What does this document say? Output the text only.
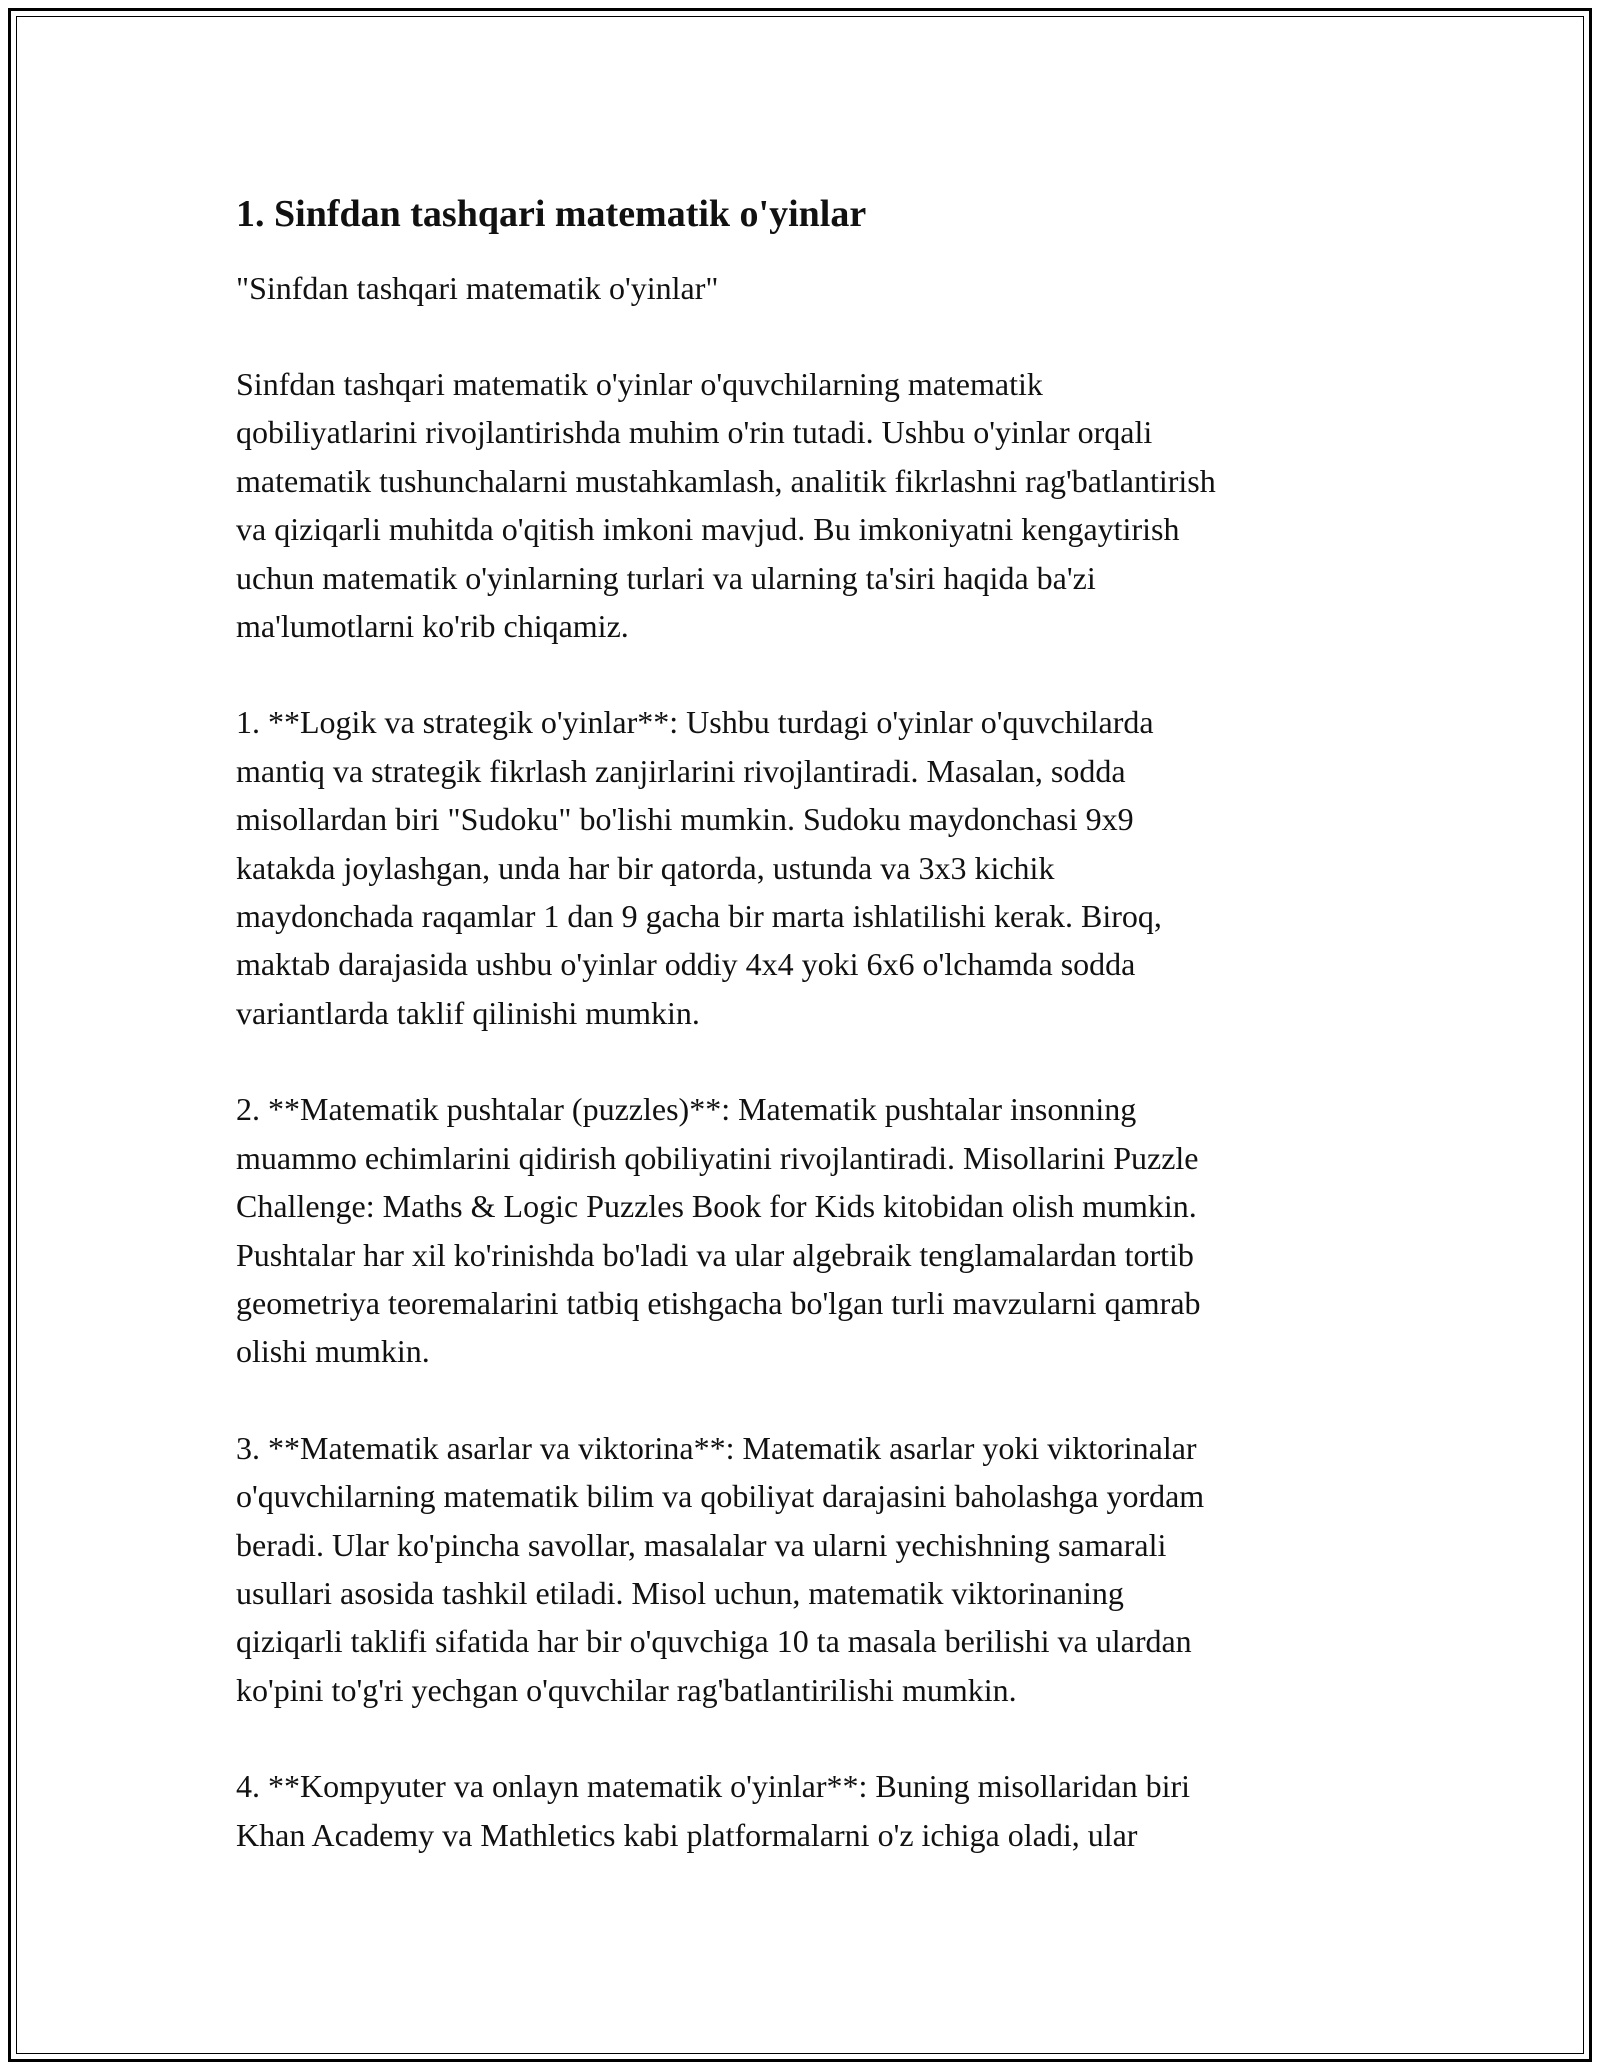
1. Sinfdan tashqari matematik o'yinlar
"Sinfdan tashqari matematik o'yinlar"
Sinfdan tashqari matematik o'yinlar o'quvchilarning matematik
qobiliyatlarini rivojlantirishda muhim o'rin tutadi. Ushbu o'yinlar orqali
matematik tushunchalarni mustahkamlash, analitik fikrlashni rag'batlantirish
va qiziqarli muhitda o'qitish imkoni mavjud. Bu imkoniyatni kengaytirish
uchun matematik o'yinlarning turlari va ularning ta'siri haqida ba'zi
ma'lumotlarni ko'rib chiqamiz.
1. **Logik va strategik o'yinlar**: Ushbu turdagi o'yinlar o'quvchilarda
mantiq va strategik fikrlash zanjirlarini rivojlantiradi. Masalan, sodda
misollardan biri "Sudoku" bo'lishi mumkin. Sudoku maydonchasi 9x9
katakda joylashgan, unda har bir qatorda, ustunda va 3x3 kichik
maydonchada raqamlar 1 dan 9 gacha bir marta ishlatilishi kerak. Biroq,
maktab darajasida ushbu o'yinlar oddiy 4x4 yoki 6x6 o'lchamda sodda
variantlarda taklif qilinishi mumkin.
2. **Matematik pushtalar (puzzles)**: Matematik pushtalar insonning
muammo echimlarini qidirish qobiliyatini rivojlantiradi. Misollarini Puzzle
Challenge: Maths & Logic Puzzles Book for Kids kitobidan olish mumkin.
Pushtalar har xil ko'rinishda bo'ladi va ular algebraik tenglamalardan tortib
geometriya teoremalarini tatbiq etishgacha bo'lgan turli mavzularni qamrab
olishi mumkin.
3. **Matematik asarlar va viktorina**: Matematik asarlar yoki viktorinalar
o'quvchilarning matematik bilim va qobiliyat darajasini baholashga yordam
beradi. Ular ko'pincha savollar, masalalar va ularni yechishning samarali
usullari asosida tashkil etiladi. Misol uchun, matematik viktorinaning
qiziqarli taklifi sifatida har bir o'quvchiga 10 ta masala berilishi va ulardan
ko'pini to'g'ri yechgan o'quvchilar rag'batlantirilishi mumkin.
4. **Kompyuter va onlayn matematik o'yinlar**: Buning misollaridan biri
Khan Academy va Mathletics kabi platformalarni o'z ichiga oladi, ular
